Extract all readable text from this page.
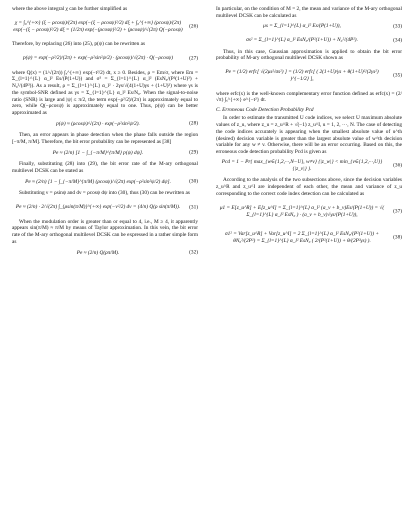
where the above integral χ can be further simplified as

χ = ∫₀^{+∞} (ξ − ρcosψ)/(2π) exp(−(ξ − ρcosψ)²/2) dξ + ∫₀^{+∞} (ρcosψ)/(2π) exp(−(ξ − ρcosψ)²/2) dξ = (1/2π) exp(−(ρcosψ)²/2) + (ρcosψ)/√(2π) Q(−ρcosψ)
(26)

Therefore, by replacing (26) into (25), p(ψ) can be rewritten as

p(ψ) = exp(−ρ²/2)/(2π) + exp(−ρ²sin²ψ/2) · (ρcosψ)/√(2π) · Q(−ρcosψ)	(27)

where Q(x) = (1/√(2π)) ∫ₓ^{+∞} exp(−t²/2) dt, x ≥ 0. Besides, ρ = Em/σ, where Em = Σ_{l=1}^{L} α_l² Es/(P(1+U)) and σ² = Σ_{l=1}^{L} α_l² (EsN₀/(P²(1+U)²) + N₀²/(4P²)). As a result, ρ = Σ_{l=1}^{L} α_l² · 2γs/√(4(1+U)γs + (1+U)²) where γs is the symbol-SNR defined as γs = Σ_{l=1}^{L} α_l² Es/N₀. When the signal-to-noise ratio (SNR) is large and |ψ| ≤ π/2, the term exp(−ρ²/2)/(2π) is approximately equal to zero, while Q(−ρcosψ) is approximately equal to one. Thus, p(ψ) can be better approximated as

p(ψ) ≈ (ρcosψ)/√(2π) · exp(−ρ²sin²ψ/2).	(28)

Then, an error appears in phase detection when the phase falls outside the region [−π/M, π/M]. Therefore, the bit error probability can be represented as [38]

Pe ≈ (2/n) [1 − ∫_{−π/M}^{π/M} p(ψ) dψ].	(29)

Finally, substituting (28) into (29), the bit error rate of the M-ary orthogonal multilevel DCSK can be stated as

Pe ≈ (2/n) [1 − ∫_{−π/M}^{π/M} (ρcosψ)/√(2π) exp(−ρ²sin²ψ/2) dψ].	(30)

Substituting ν = ρsinψ and dν = ρcosψ dψ into (30), thus (30) can be rewritten as

Pe ≈ (2/n) · 2/√(2π) ∫_{ρsin(π/M)}^{+∞} exp(−ν²/2) dν = (4/n) Q(ρ sin(π/M)). (31)

When the modulation order is greater than or equal to 4, i.e., M ≥ 4, it apparently appears sin(π/M) ≈ π/M by means of Taylor approximation. In this vein, the bit error rate of the M-ary orthogonal multilevel DCSK can be expressed in a rather simple form as

Pe ≈ (2/n) Q(ρπ/M).	(32)

In particular, on the condition of M = 2, the mean and variance of the M-ary orthogonal multilevel DCSK can be calculated as

μs = Σ_{l=1}^{L} α_l² Es/(P(1+U)),	(33)
σs² = Σ_{l=1}^{L} α_l² EsN₀/(P²(1+U)) + N₀²/(4P²).	(34)

Thus, in this case, Gaussian approximation is applied to obtain the bit error probability of M-ary orthogonal multilevel DCSK shown as

Pe = (1/2) erfc[ √(2μs²/σs²) ] = (1/2) erfc[ ( 2(1+U)/γs + θ(1+U)²/(2γs²) )^{−1/2} ],
(35)

where erfc(x) is the well-known complementary error function defined as erfc(x) = (2/√π) ∫ₓ^{+∞} e^{−t²} dt.

C. Erroneous Code Detection Probability Pcd

In order to estimate the transmitted U code indices, we select U maximum absolute values of z_u, where z_u = z_u^R + √(−1) z_u^I, u = 1, 2, ···, N. The case of detecting the code indices accurately is appearing when the smallest absolute value of u^th (desired) decision variable is greater than the largest absolute value of w^th decision variable for any w ≠ v. Otherwise, there will be an error occurring. Based on this, the erroneous code detection probability Pcd is given as

Pcd = 1 − Pr{ max_{w∈{1,2,···,N−U}, w≠v} {|z_w|} < min_{v∈{1,2,···,U}} {|z_v|} }.
(36)

According to the analysis of the two subsections above, since the decision variables z_u^R and z_u^I are independent of each other, the mean and variance of z_u corresponding to the correct code index detection can be calculated as

μ1 = E[z_u^R] + E[z_u^I] = Σ_{l=1}^{L} α_l² (a_v + b_v)Es/(P(1+U)) = √( Σ_{l=1}^{L} α_l² EsN₀ ) · (a_v + b_v)√γs/(P(1+U)),
(37)
σ1² = Var[z_u^R] + Var[z_u^I] = 2 Σ_{l=1}^{L} α_l² EsN₀/(P²(1+U)) + θN₀²/(2P²) = Σ_{l=1}^{L} α_l² EsN₀ ( 2/(P²(1+U)) + θ/(2P²γs) ).
(38)
